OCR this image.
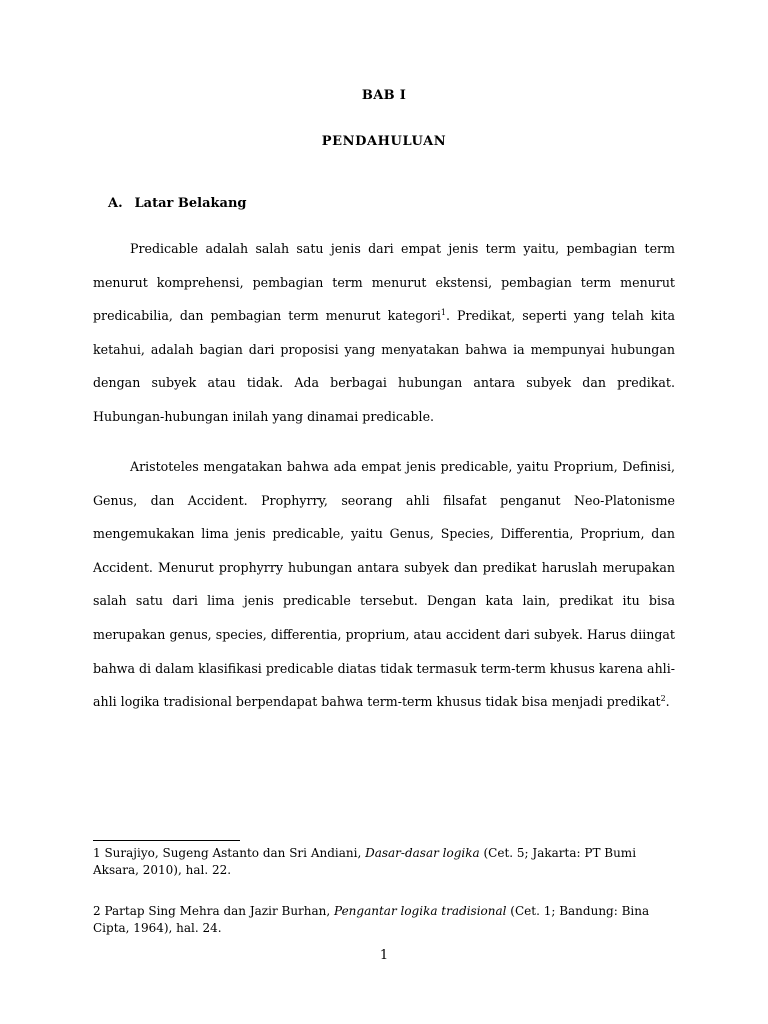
BAB I
PENDAHULUAN
A. Latar Belakang

Predicable adalah salah satu jenis dari empat jenis term yaitu, pembagian term menurut komprehensi, pembagian term menurut ekstensi, pembagian term menurut predicabilia, dan pembagian term menurut kategori$^1$. Predikat, seperti yang telah kita ketahui, adalah bagian dari proposisi yang menyatakan bahwa ia mempunyai hubungan dengan subyek atau tidak. Ada berbagai hubungan antara subyek dan predikat. Hubungan-hubungan inilah yang dinamai predicable.

Aristoteles mengatakan bahwa ada empat jenis predicable, yaitu Proprium, Definisi, Genus, dan Accident. Prophyrry, seorang ahli filsafat penganut Neo-Platonisme mengemukakan lima jenis predicable, yaitu Genus, Species, Differentia, Proprium, dan Accident. Menurut prophyrry hubungan antara subyek dan predikat haruslah merupakan salah satu dari lima jenis predicable tersebut. Dengan kata lain, predikat itu bisa merupakan genus, species, differentia, proprium, atau accident dari subyek. Harus diingat bahwa di dalam klasifikasi predicable diatas tidak termasuk term-term khusus karena ahli-ahli logika tradisional berpendapat bahwa term-term khusus tidak bisa menjadi predikat$^2$.

1 Surajiyo, Sugeng Astanto dan Sri Andiani, Dasar-dasar logika (Cet. 5; Jakarta: PT Bumi Aksara, 2010), hal. 22.

2 Partap Sing Mehra dan Jazir Burhan, Pengantar logika tradisional (Cet. 1; Bandung: Bina Cipta, 1964), hal. 24.

1
